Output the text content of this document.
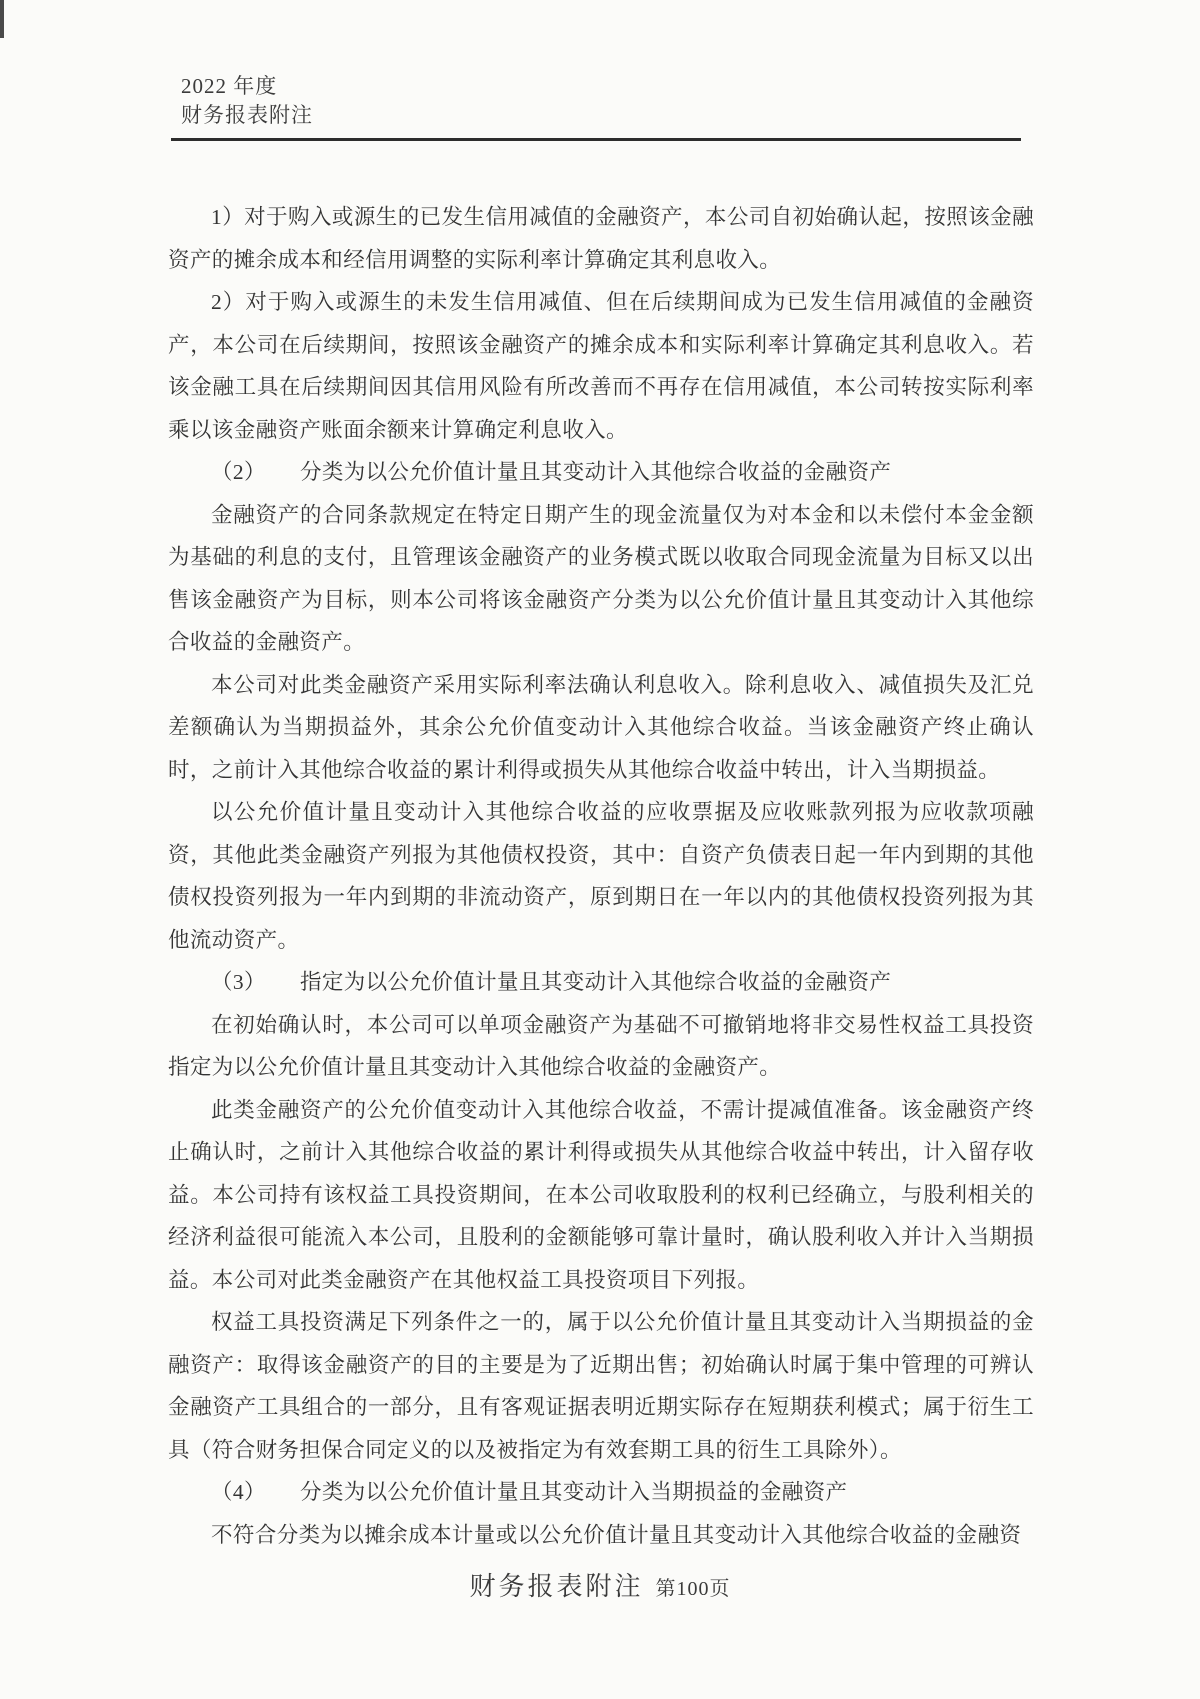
2022 年度
财务报表附注

1）对于购入或源生的已发生信用减值的金融资产，本公司自初始确认起，按照该金融资产的摊余成本和经信用调整的实际利率计算确定其利息收入。

2）对于购入或源生的未发生信用减值、但在后续期间成为已发生信用减值的金融资产，本公司在后续期间，按照该金融资产的摊余成本和实际利率计算确定其利息收入。若该金融工具在后续期间因其信用风险有所改善而不再存在信用减值，本公司转按实际利率乘以该金融资产账面余额来计算确定利息收入。

（2） 分类为以公允价值计量且其变动计入其他综合收益的金融资产

金融资产的合同条款规定在特定日期产生的现金流量仅为对本金和以未偿付本金金额为基础的利息的支付，且管理该金融资产的业务模式既以收取合同现金流量为目标又以出售该金融资产为目标，则本公司将该金融资产分类为以公允价值计量且其变动计入其他综合收益的金融资产。

本公司对此类金融资产采用实际利率法确认利息收入。除利息收入、减值损失及汇兑差额确认为当期损益外，其余公允价值变动计入其他综合收益。当该金融资产终止确认时，之前计入其他综合收益的累计利得或损失从其他综合收益中转出，计入当期损益。

以公允价值计量且变动计入其他综合收益的应收票据及应收账款列报为应收款项融资，其他此类金融资产列报为其他债权投资，其中：自资产负债表日起一年内到期的其他债权投资列报为一年内到期的非流动资产，原到期日在一年以内的其他债权投资列报为其他流动资产。

（3） 指定为以公允价值计量且其变动计入其他综合收益的金融资产

在初始确认时，本公司可以单项金融资产为基础不可撤销地将非交易性权益工具投资指定为以公允价值计量且其变动计入其他综合收益的金融资产。

此类金融资产的公允价值变动计入其他综合收益，不需计提减值准备。该金融资产终止确认时，之前计入其他综合收益的累计利得或损失从其他综合收益中转出，计入留存收益。本公司持有该权益工具投资期间，在本公司收取股利的权利已经确立，与股利相关的经济利益很可能流入本公司，且股利的金额能够可靠计量时，确认股利收入并计入当期损益。本公司对此类金融资产在其他权益工具投资项目下列报。

权益工具投资满足下列条件之一的，属于以公允价值计量且其变动计入当期损益的金融资产：取得该金融资产的目的主要是为了近期出售；初始确认时属于集中管理的可辨认金融资产工具组合的一部分，且有客观证据表明近期实际存在短期获利模式；属于衍生工具（符合财务担保合同定义的以及被指定为有效套期工具的衍生工具除外）。

（4） 分类为以公允价值计量且其变动计入当期损益的金融资产

不符合分类为以摊余成本计量或以公允价值计量且其变动计入其他综合收益的金融资

财务报表附注 第100页
